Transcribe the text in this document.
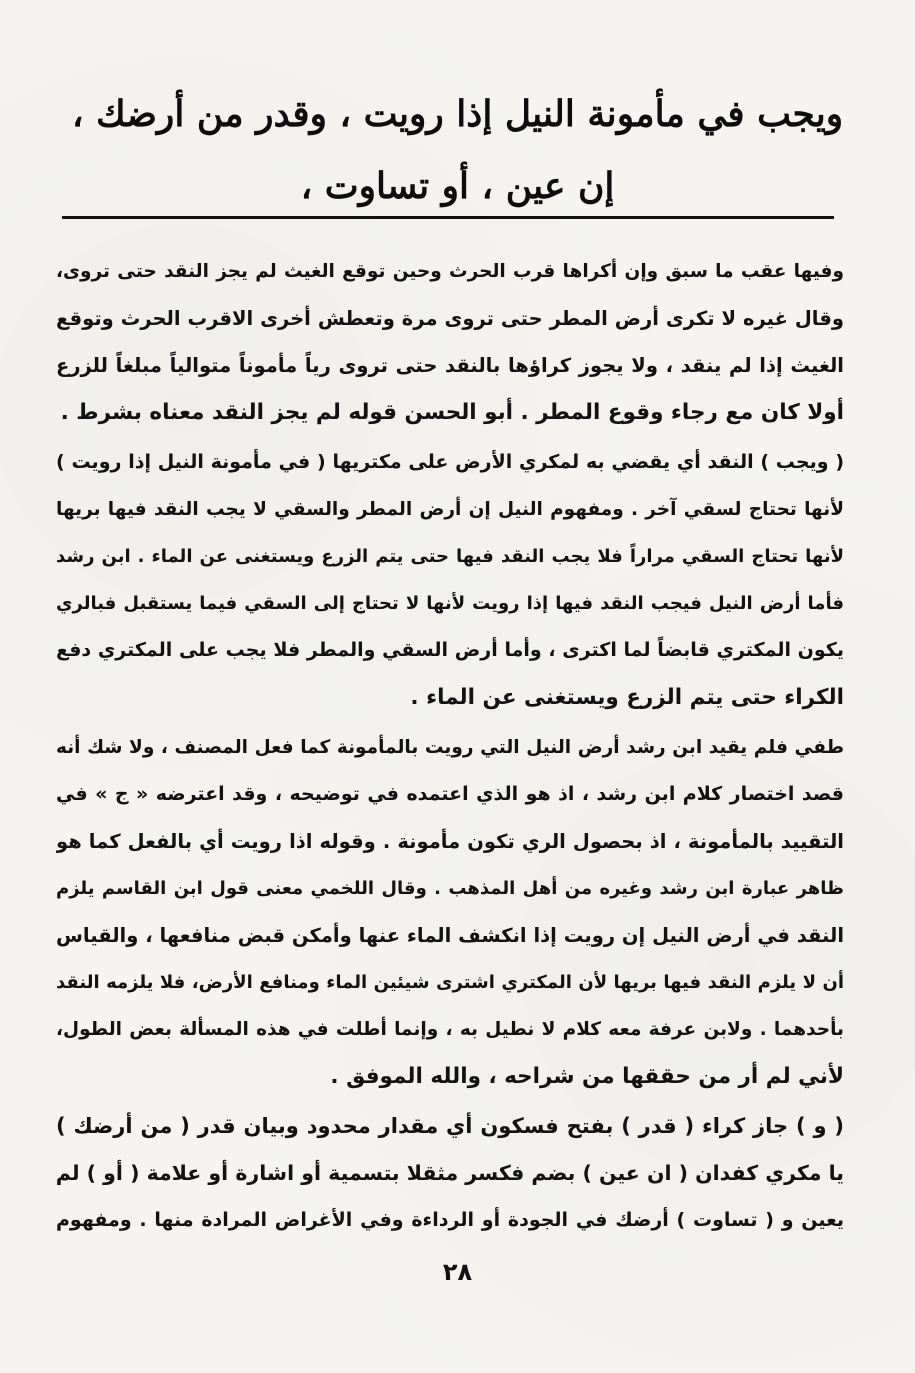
ويجب في مأمونة النيل إذا رويت ، وقدر من أرضك ،
إن عين ، أو تساوت ،
وفيها عقب ما سبق وإن أكراها قرب الحرث وحين توقع الغيث لم يجز النقد حتى تروى،
وقال غيره لا تكرى أرض المطر حتى تروى مرة وتعطش أخرى الاقرب الحرث وتوقع
الغيث إذا لم ينقد ، ولا يجوز كراؤها بالنقد حتى تروى رياً مأموناً متوالياً مبلغاً للزرع
أولا كان مع رجاء وقوع المطر . أبو الحسن قوله لم يجز النقد معناه بشرط .
( ويجب ) النقد أي يقضي به لمكري الأرض على مكتريها ( في مأمونة النيل إذا رويت )
لأنها تحتاج لسقي آخر . ومفهوم النيل إن أرض المطر والسقي لا يجب النقد فيها بريها
لأنها تحتاج السقي مراراً فلا يجب النقد فيها حتى يتم الزرع ويستغنى عن الماء . ابن رشد
فأما أرض النيل فيجب النقد فيها إذا رويت لأنها لا تحتاج إلى السقي فيما يستقبل فبالري
يكون المكتري قابضاً لما اكترى ، وأما أرض السقي والمطر فلا يجب على المكتري دفع
الكراء حتى يتم الزرع ويستغنى عن الماء .
طفي فلم يقيد ابن رشد أرض النيل التي رويت بالمأمونة كما فعل المصنف ، ولا شك أنه
قصد اختصار كلام ابن رشد ، اذ هو الذي اعتمده في توضيحه ، وقد اعترضه « ج » في
التقييد بالمأمونة ، اذ بحصول الري تكون مأمونة . وقوله اذا رويت أي بالفعل كما هو
ظاهر عبارة ابن رشد وغيره من أهل المذهب . وقال اللخمي معنى قول ابن القاسم يلزم
النقد في أرض النيل إن رويت إذا انكشف الماء عنها وأمكن قبض منافعها ، والقياس
أن لا يلزم النقد فيها بريها لأن المكتري اشترى شيئين الماء ومنافع الأرض، فلا يلزمه النقد
بأحدهما . ولابن عرفة معه كلام لا نطيل به ، وإنما أطلت في هذه المسألة بعض الطول،
لأني لم أر من حققها من شراحه ، والله الموفق .
( و ) جاز كراء ( قدر ) بفتح فسكون أي مقدار محدود وبيان قدر ( من أرضك )
يا مكري كفدان ( ان عين ) بضم فكسر مثقلا بتسمية أو اشارة أو علامة ( أو ) لم
يعين و ( تساوت ) أرضك في الجودة أو الرداءة وفي الأغراض المرادة منها . ومفهوم
٢٨
